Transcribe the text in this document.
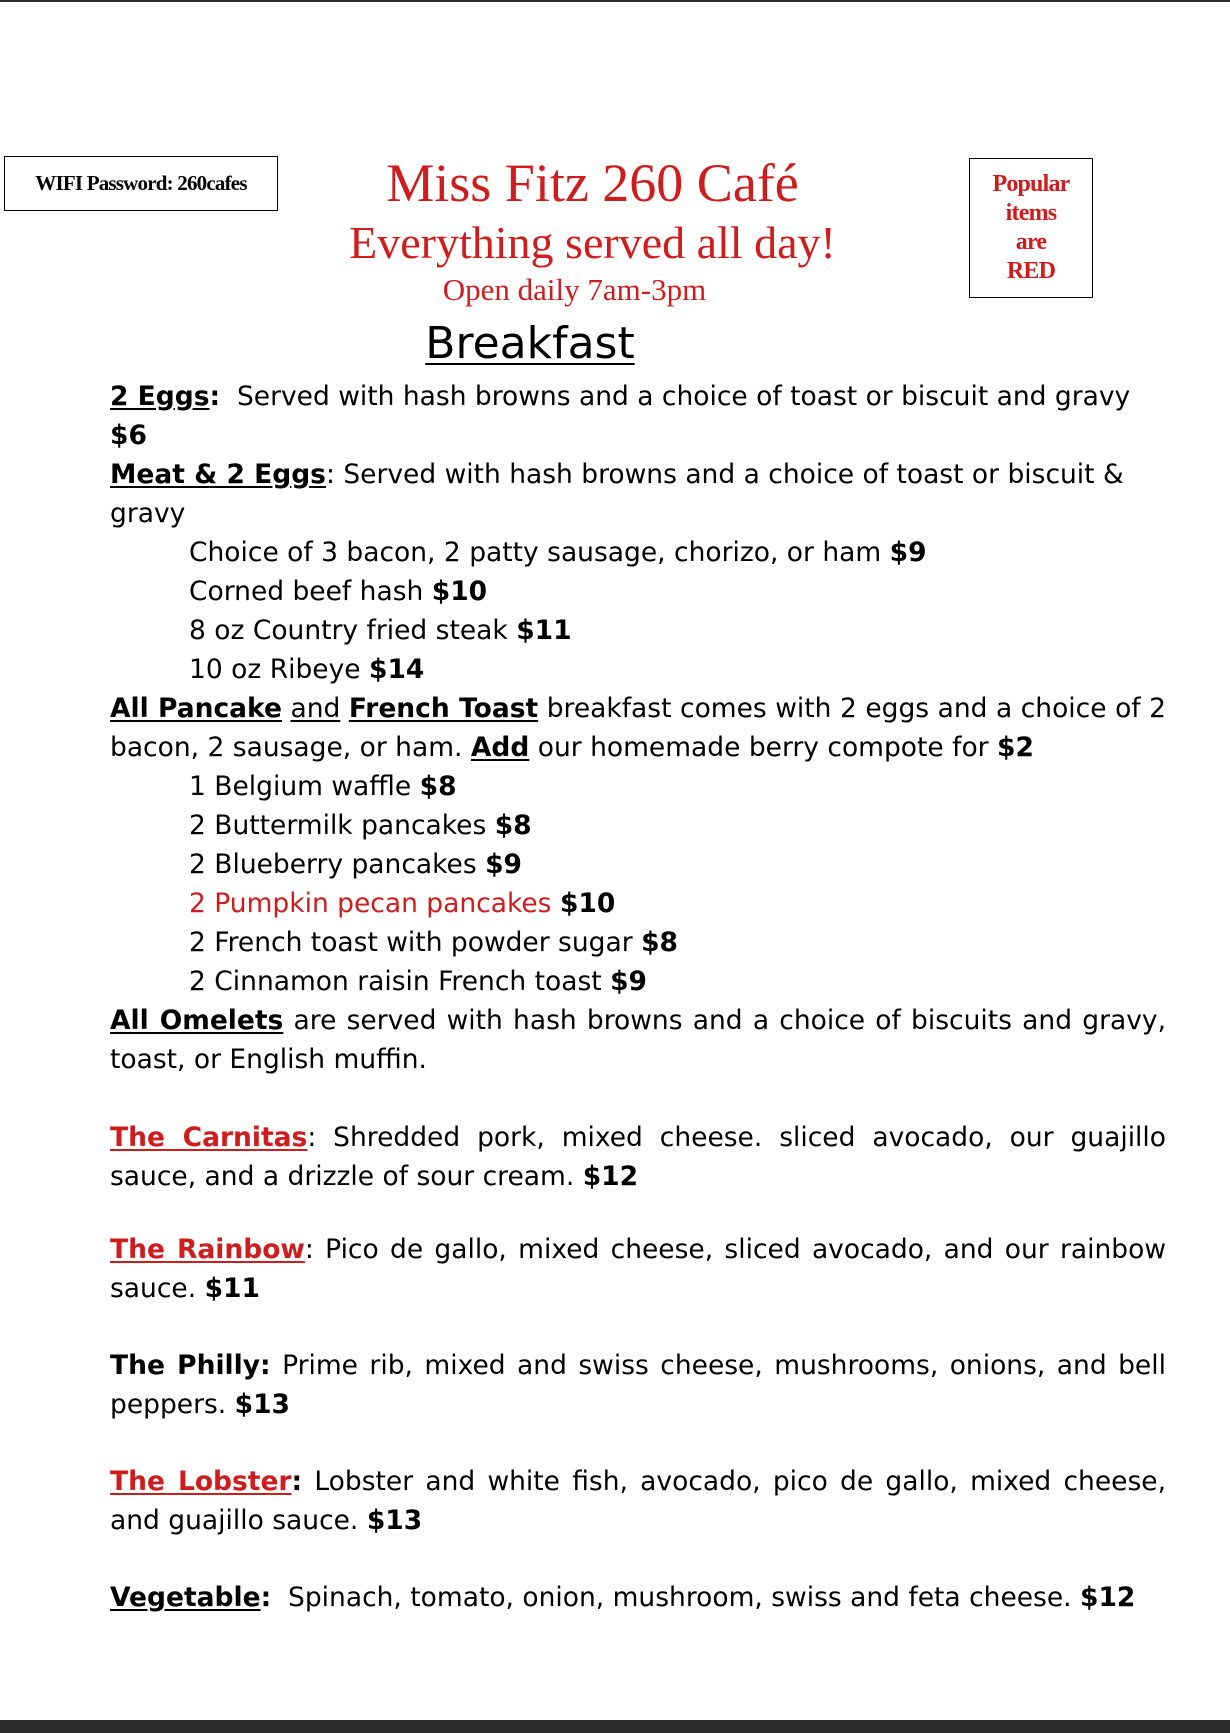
WIFI Password: 260cafes	Miss Fitz 260 Café
Everything served all day!
Open daily 7am-3pm
Popular
items
are
RED
Breakfast

2 Eggs: Served with hash browns and a choice of toast or biscuit and gravy $6

Meat & 2 Eggs: Served with hash browns and a choice of toast or biscuit & gravy

Choice of 3 bacon, 2 patty sausage, chorizo, or ham $9

Corned beef hash $10

8 oz Country fried steak $11

10 oz Ribeye $14

All Pancake and French Toast breakfast comes with 2 eggs and a choice of 2 bacon, 2 sausage, or ham. Add our homemade berry compote for $2

1 Belgium waffle $8

2 Buttermilk pancakes $8

2 Blueberry pancakes $9

2 Pumpkin pecan pancakes $10

2 French toast with powder sugar $8

2 Cinnamon raisin French toast $9

All Omelets are served with hash browns and a choice of biscuits and gravy, toast, or English muffin.

The Carnitas: Shredded pork, mixed cheese. sliced avocado, our guajillo sauce, and a drizzle of sour cream. $12

The Rainbow: Pico de gallo, mixed cheese, sliced avocado, and our rainbow sauce. $11

The Philly: Prime rib, mixed and swiss cheese, mushrooms, onions, and bell peppers. $13

The Lobster: Lobster and white fish, avocado, pico de gallo, mixed cheese, and guajillo sauce. $13

Vegetable: Spinach, tomato, onion, mushroom, swiss and feta cheese. $12
